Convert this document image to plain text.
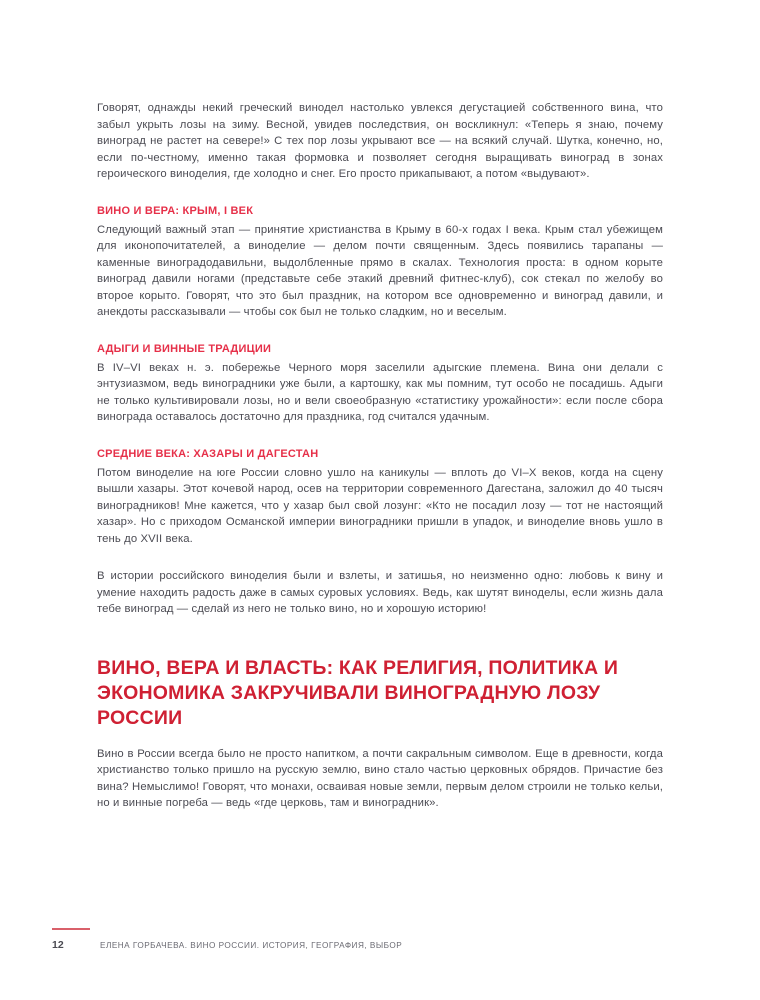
Говорят, однажды некий греческий винодел настолько увлекся дегустацией собственного вина, что забыл укрыть лозы на зиму. Весной, увидев последствия, он воскликнул: «Теперь я знаю, почему виноград не растет на севере!» С тех пор лозы укрывают все — на всякий случай. Шутка, конечно, но, если по-честному, именно такая формовка и позволяет сегодня выращивать виноград в зонах героического виноделия, где холодно и снег. Его просто прикапывают, а потом «выдувают».

ВИНО И ВЕРА: КРЫМ, I ВЕК

Следующий важный этап — принятие христианства в Крыму в 60-х годах I века. Крым стал убежищем для иконопочитателей, а виноделие — делом почти священным. Здесь появились тарапаны — каменные виноградодавильни, выдолбленные прямо в скалах. Технология проста: в одном корыте виноград давили ногами (представьте себе этакий древний фитнес-клуб), сок стекал по желобу во второе корыто. Говорят, что это был праздник, на котором все одновременно и виноград давили, и анекдоты рассказывали — чтобы сок был не только сладким, но и веселым.

АДЫГИ И ВИННЫЕ ТРАДИЦИИ

В IV–VI веках н. э. побережье Черного моря заселили адыгские племена. Вина они делали с энтузиазмом, ведь виноградники уже были, а картошку, как мы помним, тут особо не посадишь. Адыги не только культивировали лозы, но и вели своеобразную «статистику урожайности»: если после сбора винограда оставалось достаточно для праздника, год считался удачным.

СРЕДНИЕ ВЕКА: ХАЗАРЫ И ДАГЕСТАН

Потом виноделие на юге России словно ушло на каникулы — вплоть до VI–X веков, когда на сцену вышли хазары. Этот кочевой народ, осев на территории современного Дагестана, заложил до 40 тысяч виноградников! Мне кажется, что у хазар был свой лозунг: «Кто не посадил лозу — тот не настоящий хазар». Но с приходом Османской империи виноградники пришли в упадок, и виноделие вновь ушло в тень до XVII века.

В истории российского виноделия были и взлеты, и затишья, но неизменно одно: любовь к вину и умение находить радость даже в самых суровых условиях. Ведь, как шутят виноделы, если жизнь дала тебе виноград — сделай из него не только вино, но и хорошую историю!

ВИНО, ВЕРА И ВЛАСТЬ: КАК РЕЛИГИЯ, ПОЛИТИКА И ЭКОНОМИКА ЗАКРУЧИВАЛИ ВИНОГРАДНУЮ ЛОЗУ РОССИИ

Вино в России всегда было не просто напитком, а почти сакральным символом. Еще в древности, когда христианство только пришло на русскую землю, вино стало частью церковных обрядов. Причастие без вина? Немыслимо! Говорят, что монахи, осваивая новые земли, первым делом строили не только кельи, но и винные погреба — ведь «где церковь, там и виноградник».

12	ЕЛЕНА ГОРБАЧЕВА. ВИНО РОССИИ. ИСТОРИЯ, ГЕОГРАФИЯ, ВЫБОР
